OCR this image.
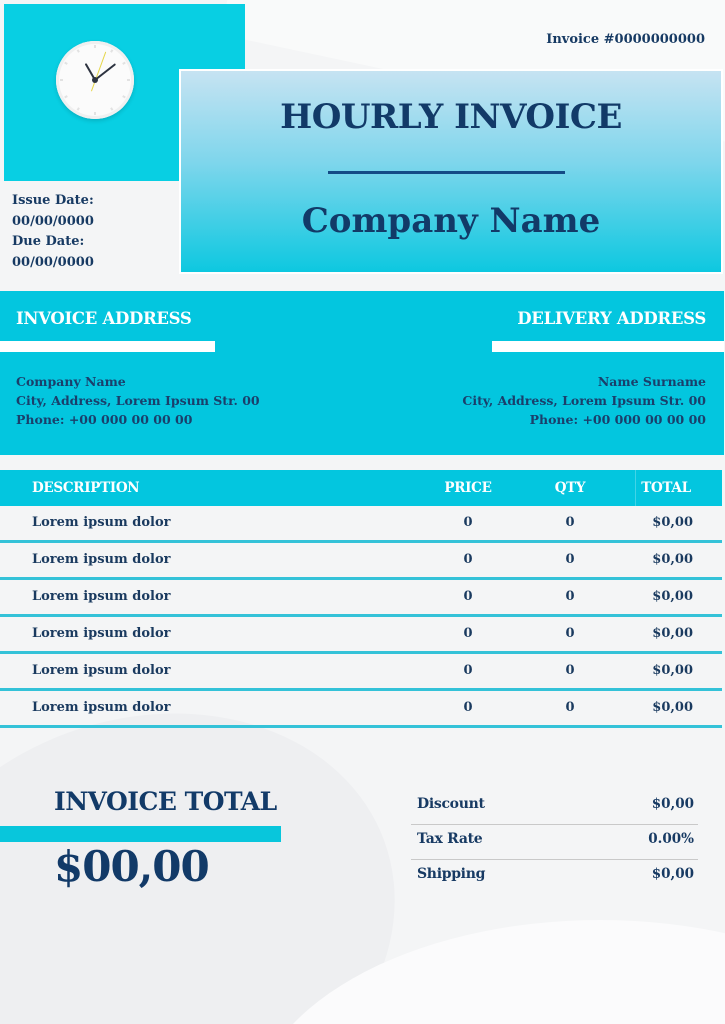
Issue Date:
00/00/0000
Due Date:
00/00/0000
Invoice #0000000000
HOURLY INVOICE
Company Name
INVOICE ADDRESS	DELIVERY ADDRESS
Company Name
City, Address, Lorem Ipsum Str. 00
Phone: +00 000 00 00 00
Name Surname
City, Address, Lorem Ipsum Str. 00
Phone: +00 000 00 00 00
DESCRIPTION	PRICE	QTY	TOTAL
Lorem ipsum dolor	0	0	$0,00
Lorem ipsum dolor	0	0	$0,00
Lorem ipsum dolor	0	0	$0,00
Lorem ipsum dolor	0	0	$0,00
Lorem ipsum dolor	0	0	$0,00
Lorem ipsum dolor	0	0	$0,00
INVOICE TOTAL
$00,00
Discount	$0,00
Tax Rate	0.00%
Shipping	$0,00
